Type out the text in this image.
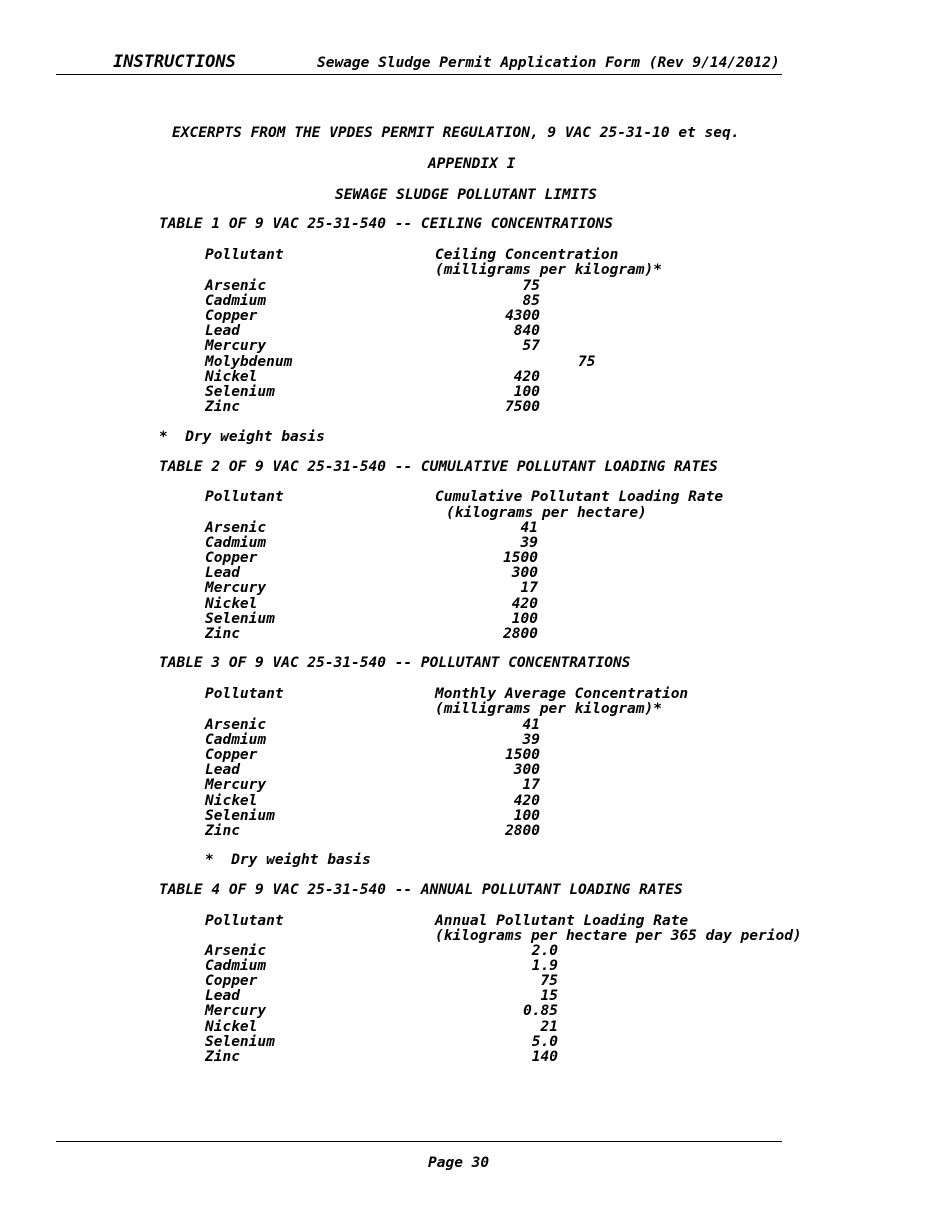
INSTRUCTIONS	Sewage Sludge Permit Application Form (Rev 9/14/2012)
EXCERPTS FROM THE VPDES PERMIT REGULATION, 9 VAC 25-31-10 et seq.
APPENDIX I
SEWAGE SLUDGE POLLUTANT LIMITS
TABLE 1 OF 9 VAC 25-31-540 -- CEILING CONCENTRATIONS
Pollutant	Ceiling Concentration
(milligrams per kilogram)*
Arsenic	75
Cadmium	85
Copper	4300
Lead	840
Mercury	57
Molybdenum	75
Nickel	420
Selenium	100
Zinc	7500
*  Dry weight basis
TABLE 2 OF 9 VAC 25-31-540 -- CUMULATIVE POLLUTANT LOADING RATES
Pollutant	Cumulative Pollutant Loading Rate
(kilograms per hectare)
Arsenic	41
Cadmium	39
Copper	1500
Lead	300
Mercury	17
Nickel	420
Selenium	100
Zinc	2800
TABLE 3 OF 9 VAC 25-31-540 -- POLLUTANT CONCENTRATIONS
Pollutant	Monthly Average Concentration
(milligrams per kilogram)*
Arsenic	41
Cadmium	39
Copper	1500
Lead	300
Mercury	17
Nickel	420
Selenium	100
Zinc	2800
*  Dry weight basis
TABLE 4 OF 9 VAC 25-31-540 -- ANNUAL POLLUTANT LOADING RATES
Pollutant	Annual Pollutant Loading Rate
(kilograms per hectare per 365 day period)
Arsenic	2.0
Cadmium	1.9
Copper	75
Lead	15
Mercury	0.85
Nickel	21
Selenium	5.0
Zinc	140
Page 30
